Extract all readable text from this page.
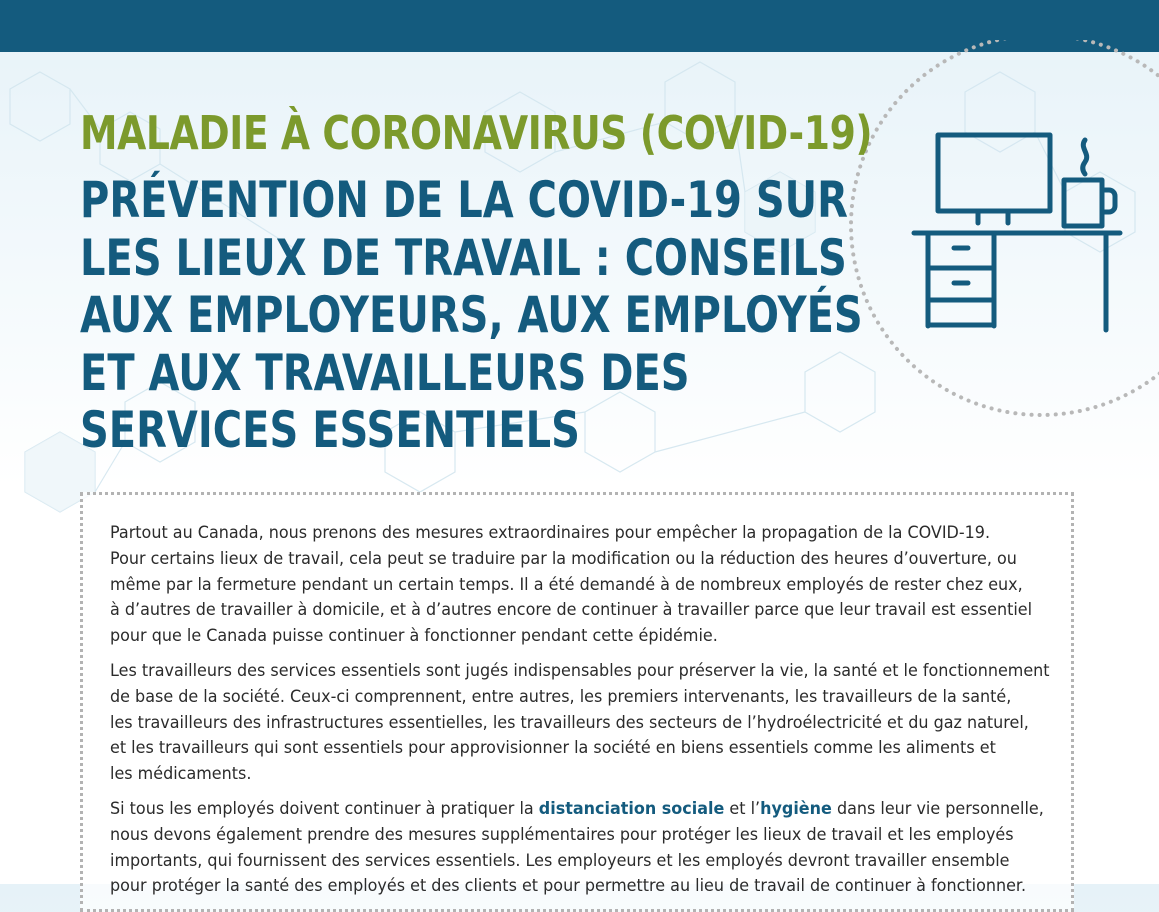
MALADIE À CORONAVIRUS (COVID-19)
PRÉVENTION DE LA COVID-19 SUR
LES LIEUX DE TRAVAIL : CONSEILS
AUX EMPLOYEURS, AUX EMPLOYÉS
ET AUX TRAVAILLEURS DES
SERVICES ESSENTIELS

Partout au Canada, nous prenons des mesures extraordinaires pour empêcher la propagation de la COVID-19.
Pour certains lieux de travail, cela peut se traduire par la modification ou la réduction des heures d’ouverture, ou
même par la fermeture pendant un certain temps. Il a été demandé à de nombreux employés de rester chez eux,
à d’autres de travailler à domicile, et à d’autres encore de continuer à travailler parce que leur travail est essentiel
pour que le Canada puisse continuer à fonctionner pendant cette épidémie.

Les travailleurs des services essentiels sont jugés indispensables pour préserver la vie, la santé et le fonctionnement
de base de la société. Ceux-ci comprennent, entre autres, les premiers intervenants, les travailleurs de la santé,
les travailleurs des infrastructures essentielles, les travailleurs des secteurs de l’hydroélectricité et du gaz naturel,
et les travailleurs qui sont essentiels pour approvisionner la société en biens essentiels comme les aliments et
les médicaments.

Si tous les employés doivent continuer à pratiquer la distanciation sociale et l’hygiène dans leur vie personnelle,
nous devons également prendre des mesures supplémentaires pour protéger les lieux de travail et les employés
importants, qui fournissent des services essentiels. Les employeurs et les employés devront travailler ensemble
pour protéger la santé des employés et des clients et pour permettre au lieu de travail de continuer à fonctionner.
